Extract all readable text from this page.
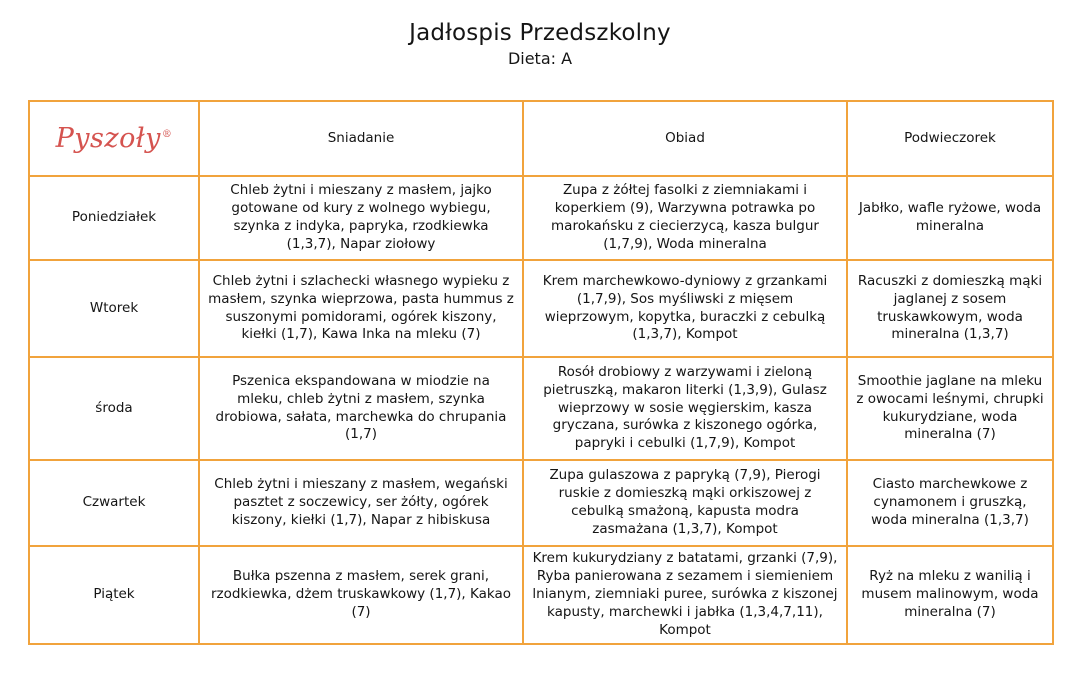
Jadłospis Przedszkolny
Dieta: A
Pyszoły®	Sniadanie	Obiad	Podwieczorek
Poniedziałek	Chleb żytni i mieszany z masłem, jajko gotowane od kury z wolnego wybiegu, szynka z indyka, papryka, rzodkiewka (1,3,7), Napar ziołowy	Zupa z żółtej fasolki z ziemniakami i koperkiem (9), Warzywna potrawka po marokańsku z ciecierzycą, kasza bulgur (1,7,9), Woda mineralna	Jabłko, wafle ryżowe, woda mineralna
Wtorek	Chleb żytni i szlachecki własnego wypieku z masłem, szynka wieprzowa, pasta hummus z suszonymi pomidorami, ogórek kiszony, kiełki (1,7), Kawa Inka na mleku (7)	Krem marchewkowo-dyniowy z grzankami (1,7,9), Sos myśliwski z mięsem wieprzowym, kopytka, buraczki z cebulką (1,3,7), Kompot	Racuszki z domieszką mąki jaglanej z sosem truskawkowym, woda mineralna (1,3,7)
środa	Pszenica ekspandowana w miodzie na mleku, chleb żytni z masłem, szynka drobiowa, sałata, marchewka do chrupania (1,7)	Rosół drobiowy z warzywami i zieloną pietruszką, makaron literki (1,3,9), Gulasz wieprzowy w sosie węgierskim, kasza gryczana, surówka z kiszonego ogórka, papryki i cebulki (1,7,9), Kompot	Smoothie jaglane na mleku z owocami leśnymi, chrupki kukurydziane, woda mineralna (7)
Czwartek	Chleb żytni i mieszany z masłem, wegański pasztet z soczewicy, ser żółty, ogórek kiszony, kiełki (1,7), Napar z hibiskusa	Zupa gulaszowa z papryką (7,9), Pierogi ruskie z domieszką mąki orkiszowej z cebulką smażoną, kapusta modra zasmażana (1,3,7), Kompot	Ciasto marchewkowe z cynamonem i gruszką, woda mineralna (1,3,7)
Piątek	Bułka pszenna z masłem, serek grani, rzodkiewka, dżem truskawkowy (1,7), Kakao (7)	Krem kukurydziany z batatami, grzanki (7,9), Ryba panierowana z sezamem i siemieniem lnianym, ziemniaki puree, surówka z kiszonej kapusty, marchewki i jabłka (1,3,4,7,11), Kompot	Ryż na mleku z wanilią i musem malinowym, woda mineralna (7)
